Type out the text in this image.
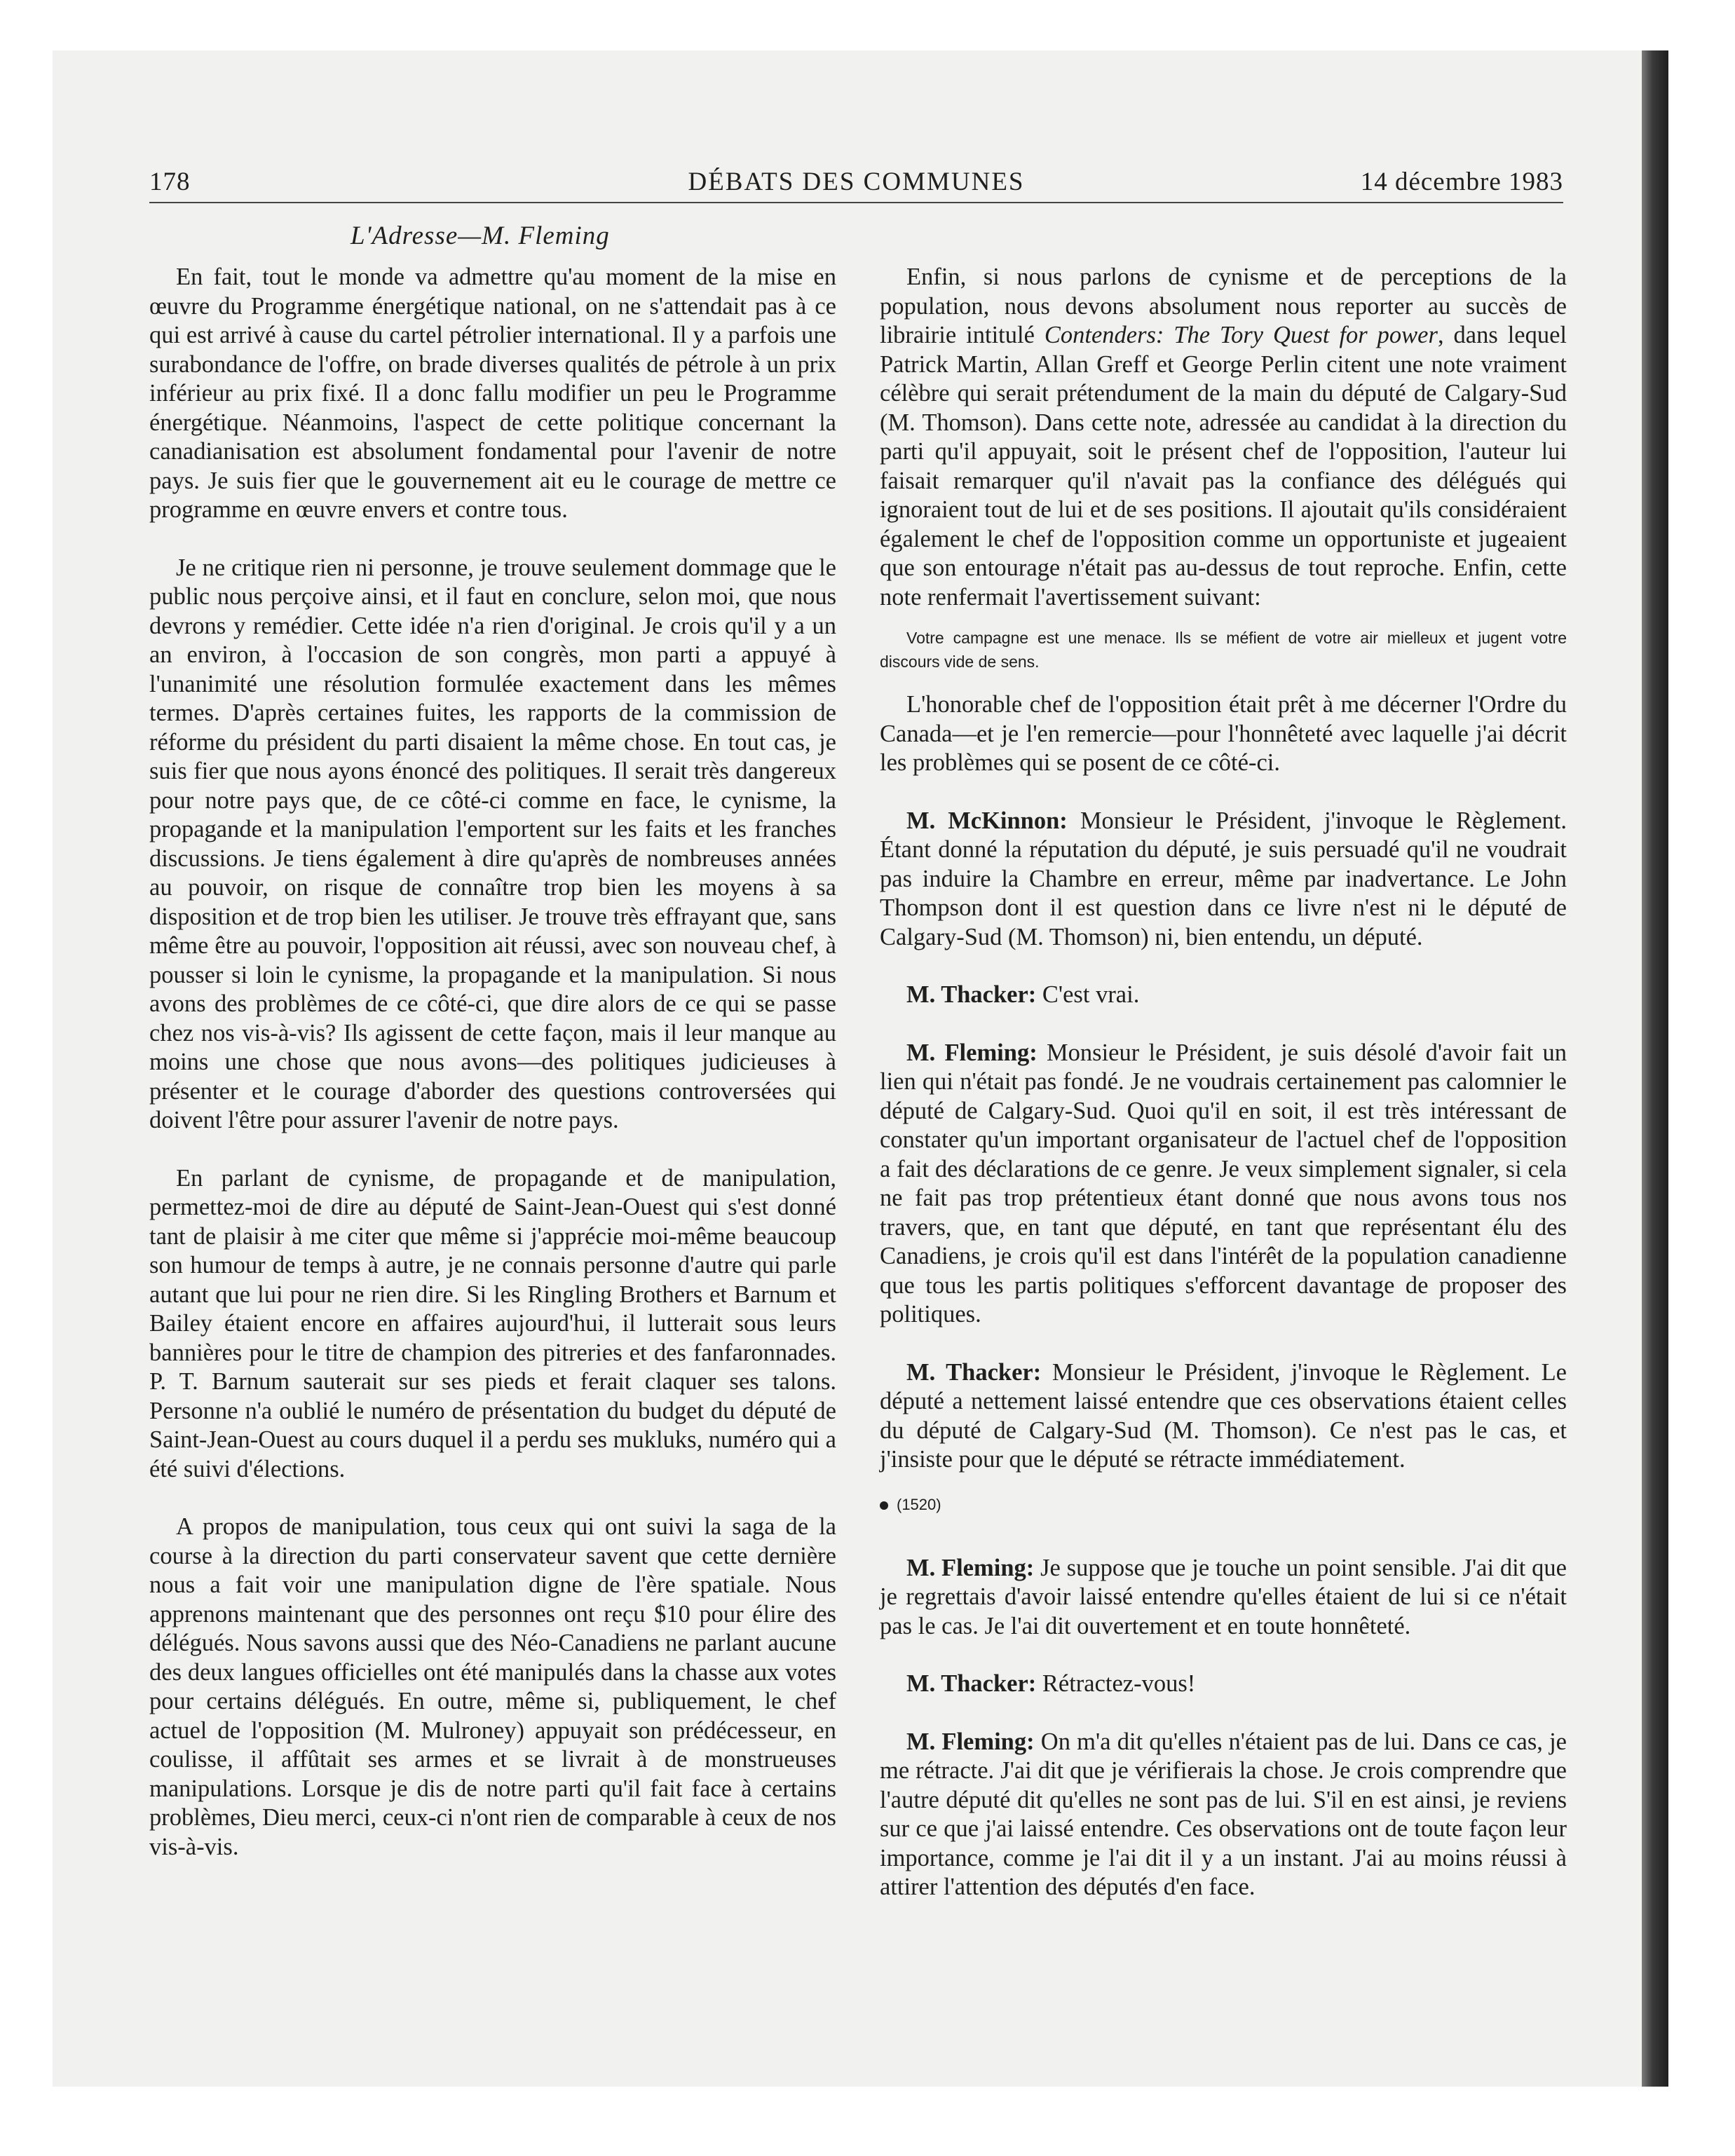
178	DÉBATS DES COMMUNES	14 décembre 1983
L'Adresse—M. Fleming

En fait, tout le monde va admettre qu'au moment de la mise en œuvre du Programme énergétique national, on ne s'attendait pas à ce qui est arrivé à cause du cartel pétrolier international. Il y a parfois une surabondance de l'offre, on brade diverses qualités de pétrole à un prix inférieur au prix fixé. Il a donc fallu modifier un peu le Programme énergétique. Néanmoins, l'aspect de cette politique concernant la canadianisation est absolument fondamental pour l'avenir de notre pays. Je suis fier que le gouvernement ait eu le courage de mettre ce programme en œuvre envers et contre tous.

Je ne critique rien ni personne, je trouve seulement dommage que le public nous perçoive ainsi, et il faut en conclure, selon moi, que nous devrons y remédier. Cette idée n'a rien d'original. Je crois qu'il y a un an environ, à l'occasion de son congrès, mon parti a appuyé à l'unanimité une résolution formulée exactement dans les mêmes termes. D'après certaines fuites, les rapports de la commission de réforme du président du parti disaient la même chose. En tout cas, je suis fier que nous ayons énoncé des politiques. Il serait très dangereux pour notre pays que, de ce côté-ci comme en face, le cynisme, la propagande et la manipulation l'emportent sur les faits et les franches discussions. Je tiens également à dire qu'après de nombreuses années au pouvoir, on risque de connaître trop bien les moyens à sa disposition et de trop bien les utiliser. Je trouve très effrayant que, sans même être au pouvoir, l'opposition ait réussi, avec son nouveau chef, à pousser si loin le cynisme, la propagande et la manipulation. Si nous avons des problèmes de ce côté-ci, que dire alors de ce qui se passe chez nos vis-à-vis? Ils agissent de cette façon, mais il leur manque au moins une chose que nous avons—des politiques judicieuses à présenter et le courage d'aborder des questions controversées qui doivent l'être pour assurer l'avenir de notre pays.

En parlant de cynisme, de propagande et de manipulation, permettez-moi de dire au député de Saint-Jean-Ouest qui s'est donné tant de plaisir à me citer que même si j'apprécie moi-même beaucoup son humour de temps à autre, je ne connais personne d'autre qui parle autant que lui pour ne rien dire. Si les Ringling Brothers et Barnum et Bailey étaient encore en affaires aujourd'hui, il lutterait sous leurs bannières pour le titre de champion des pitreries et des fanfaronnades. P. T. Barnum sauterait sur ses pieds et ferait claquer ses talons. Personne n'a oublié le numéro de présentation du budget du député de Saint-Jean-Ouest au cours duquel il a perdu ses mukluks, numéro qui a été suivi d'élections.

A propos de manipulation, tous ceux qui ont suivi la saga de la course à la direction du parti conservateur savent que cette dernière nous a fait voir une manipulation digne de l'ère spatiale. Nous apprenons maintenant que des personnes ont reçu $10 pour élire des délégués. Nous savons aussi que des Néo-Canadiens ne parlant aucune des deux langues officielles ont été manipulés dans la chasse aux votes pour certains délégués. En outre, même si, publiquement, le chef actuel de l'opposition (M. Mulroney) appuyait son prédécesseur, en coulisse, il affûtait ses armes et se livrait à de monstrueuses manipulations. Lorsque je dis de notre parti qu'il fait face à certains problèmes, Dieu merci, ceux-ci n'ont rien de comparable à ceux de nos vis-à-vis.

Enfin, si nous parlons de cynisme et de perceptions de la population, nous devons absolument nous reporter au succès de librairie intitulé Contenders: The Tory Quest for power, dans lequel Patrick Martin, Allan Greff et George Perlin citent une note vraiment célèbre qui serait prétendument de la main du député de Calgary-Sud (M. Thomson). Dans cette note, adressée au candidat à la direction du parti qu'il appuyait, soit le présent chef de l'opposition, l'auteur lui faisait remarquer qu'il n'avait pas la confiance des délégués qui ignoraient tout de lui et de ses positions. Il ajoutait qu'ils considéraient également le chef de l'opposition comme un opportuniste et jugeaient que son entourage n'était pas au-dessus de tout reproche. Enfin, cette note renfermait l'avertissement suivant:

Votre campagne est une menace. Ils se méfient de votre air mielleux et jugent votre discours vide de sens.

L'honorable chef de l'opposition était prêt à me décerner l'Ordre du Canada—et je l'en remercie—pour l'honnêteté avec laquelle j'ai décrit les problèmes qui se posent de ce côté-ci.

M. McKinnon: Monsieur le Président, j'invoque le Règlement. Étant donné la réputation du député, je suis persuadé qu'il ne voudrait pas induire la Chambre en erreur, même par inadvertance. Le John Thompson dont il est question dans ce livre n'est ni le député de Calgary-Sud (M. Thomson) ni, bien entendu, un député.

M. Thacker: C'est vrai.

M. Fleming: Monsieur le Président, je suis désolé d'avoir fait un lien qui n'était pas fondé. Je ne voudrais certainement pas calomnier le député de Calgary-Sud. Quoi qu'il en soit, il est très intéressant de constater qu'un important organisateur de l'actuel chef de l'opposition a fait des déclarations de ce genre. Je veux simplement signaler, si cela ne fait pas trop prétentieux étant donné que nous avons tous nos travers, que, en tant que député, en tant que représentant élu des Canadiens, je crois qu'il est dans l'intérêt de la population canadienne que tous les partis politiques s'efforcent davantage de proposer des politiques.

M. Thacker: Monsieur le Président, j'invoque le Règlement. Le député a nettement laissé entendre que ces observations étaient celles du député de Calgary-Sud (M. Thomson). Ce n'est pas le cas, et j'insiste pour que le député se rétracte immédiatement.

(1520)

M. Fleming: Je suppose que je touche un point sensible. J'ai dit que je regrettais d'avoir laissé entendre qu'elles étaient de lui si ce n'était pas le cas. Je l'ai dit ouvertement et en toute honnêteté.

M. Thacker: Rétractez-vous!

M. Fleming: On m'a dit qu'elles n'étaient pas de lui. Dans ce cas, je me rétracte. J'ai dit que je vérifierais la chose. Je crois comprendre que l'autre député dit qu'elles ne sont pas de lui. S'il en est ainsi, je reviens sur ce que j'ai laissé entendre. Ces observations ont de toute façon leur importance, comme je l'ai dit il y a un instant. J'ai au moins réussi à attirer l'attention des députés d'en face.
